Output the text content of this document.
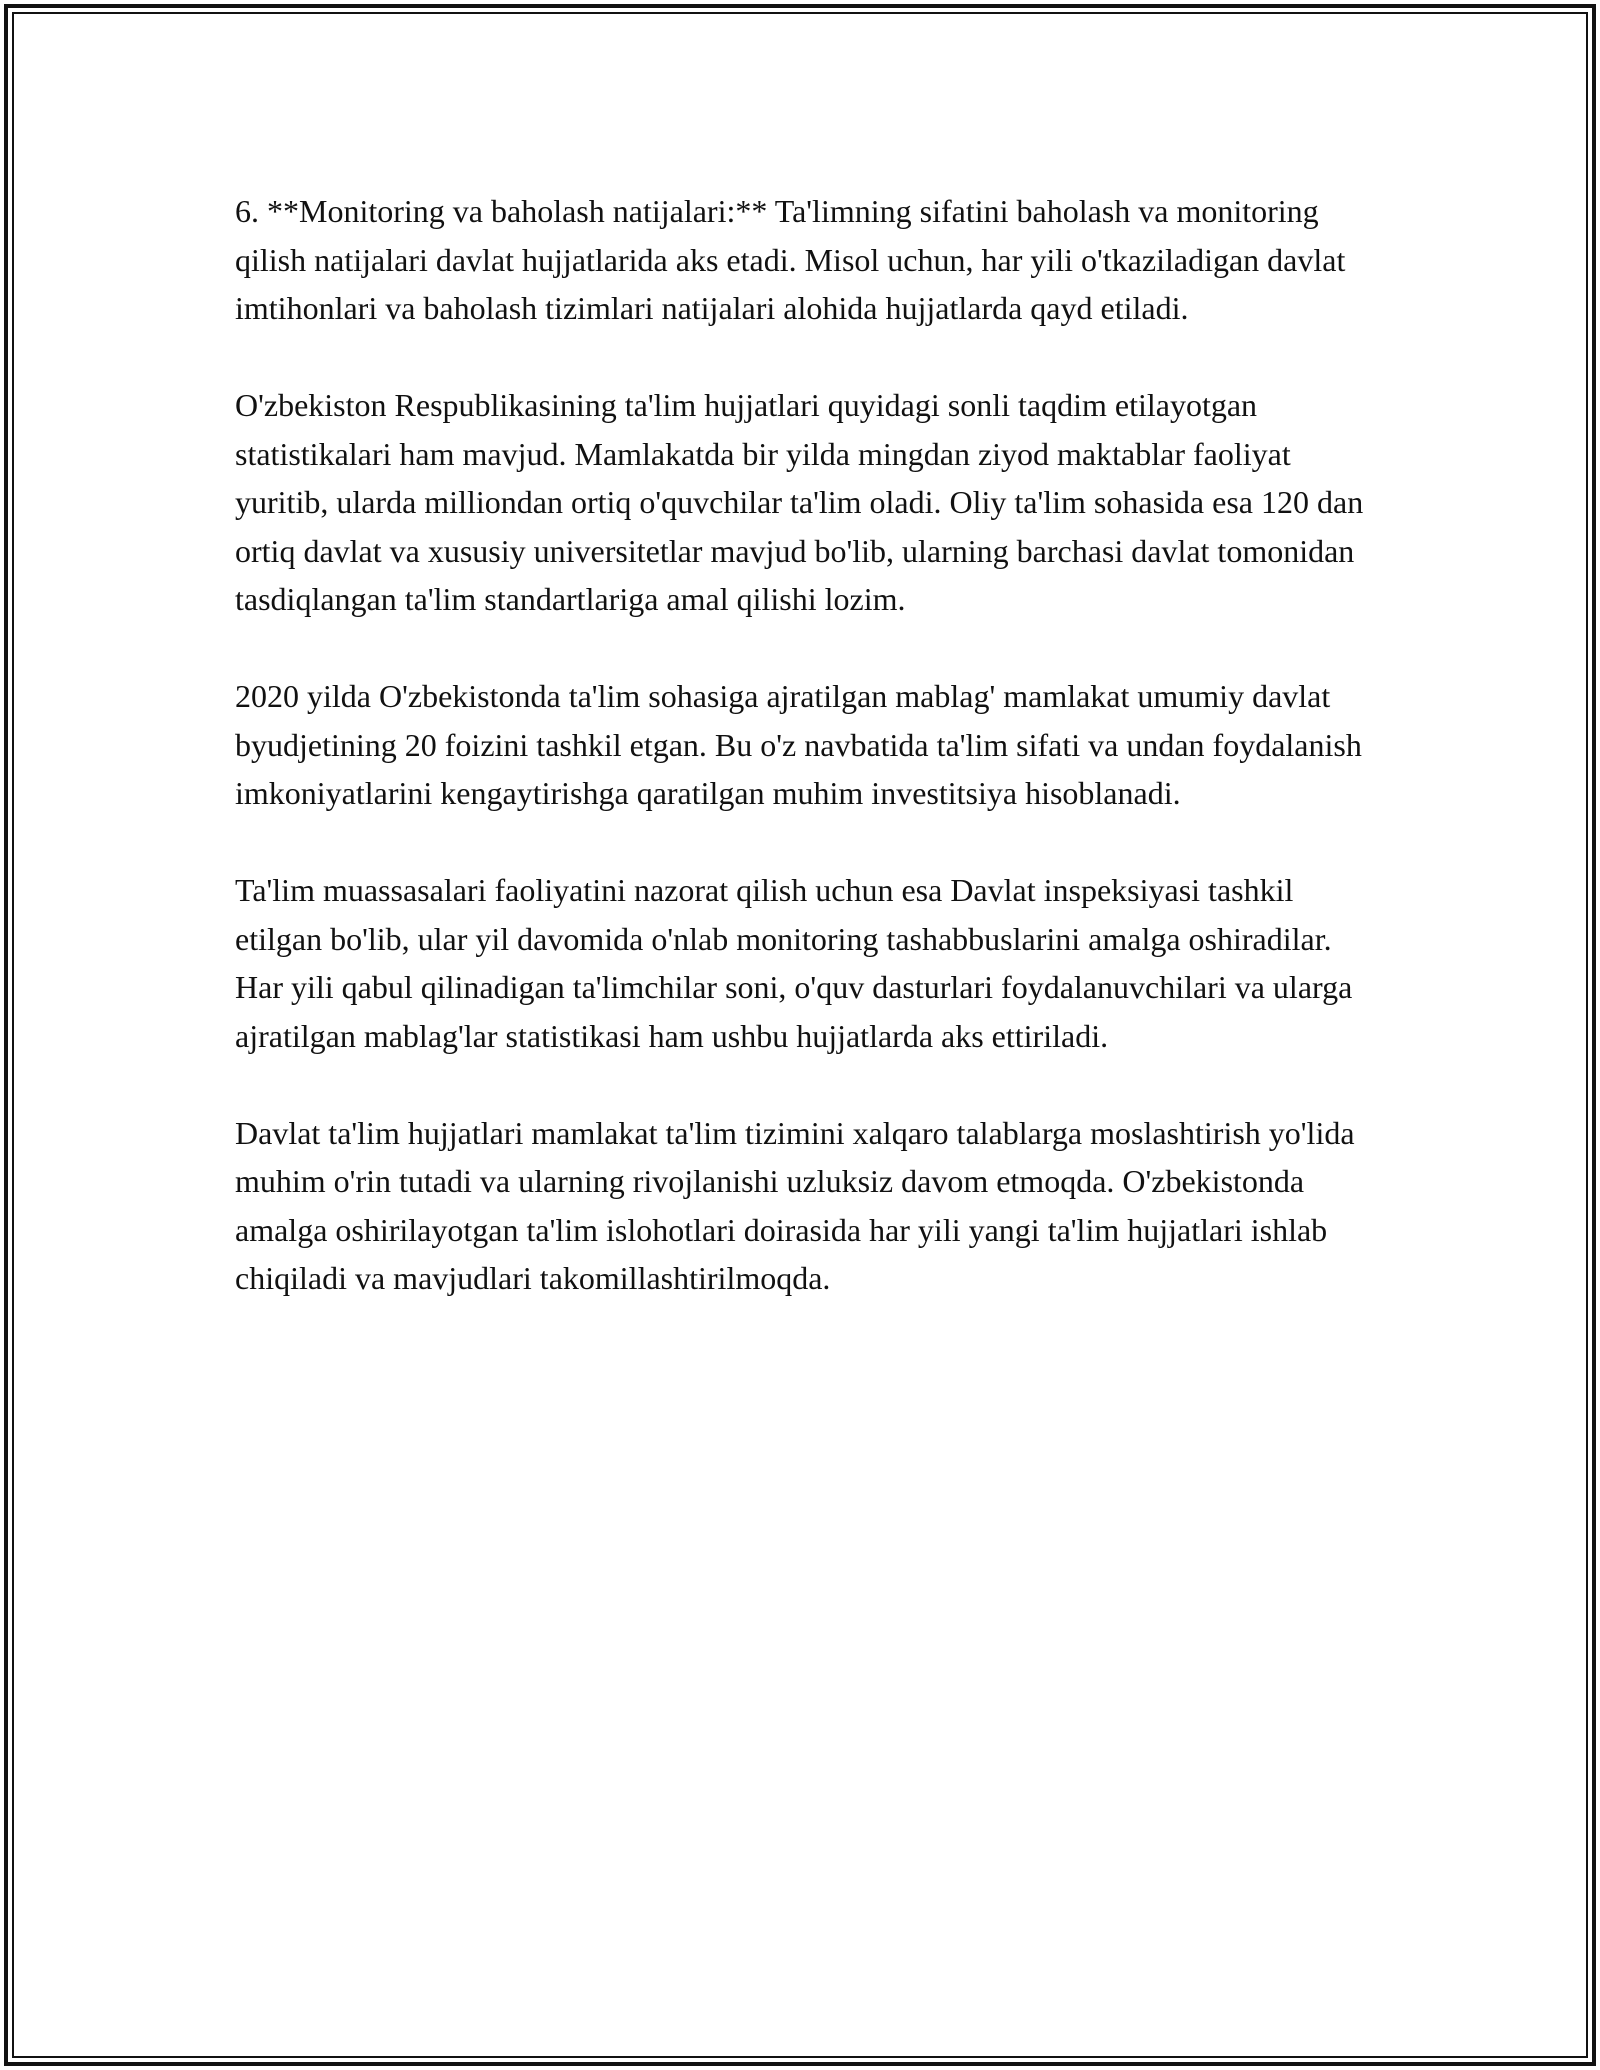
6. **Monitoring va baholash natijalari:** Ta'limning sifatini baholash va monitoring qilish natijalari davlat hujjatlarida aks etadi. Misol uchun, har yili o'tkaziladigan davlat imtihonlari va baholash tizimlari natijalari alohida hujjatlarda qayd etiladi.

O'zbekiston Respublikasining ta'lim hujjatlari quyidagi sonli taqdim etilayotgan statistikalari ham mavjud. Mamlakatda bir yilda mingdan ziyod maktablar faoliyat yuritib, ularda milliondan ortiq o'quvchilar ta'lim oladi. Oliy ta'lim sohasida esa 120 dan ortiq davlat va xususiy universitetlar mavjud bo'lib, ularning barchasi davlat tomonidan tasdiqlangan ta'lim standartlariga amal qilishi lozim.

2020 yilda O'zbekistonda ta'lim sohasiga ajratilgan mablag' mamlakat umumiy davlat byudjetining 20 foizini tashkil etgan. Bu o'z navbatida ta'lim sifati va undan foydalanish imkoniyatlarini kengaytirishga qaratilgan muhim investitsiya hisoblanadi.

Ta'lim muassasalari faoliyatini nazorat qilish uchun esa Davlat inspeksiyasi tashkil etilgan bo'lib, ular yil davomida o'nlab monitoring tashabbuslarini amalga oshiradilar. Har yili qabul qilinadigan ta'limchilar soni, o'quv dasturlari foydalanuvchilari va ularga ajratilgan mablag'lar statistikasi ham ushbu hujjatlarda aks ettiriladi.

Davlat ta'lim hujjatlari mamlakat ta'lim tizimini xalqaro talablarga moslashtirish yo'lida muhim o'rin tutadi va ularning rivojlanishi uzluksiz davom etmoqda. O'zbekistonda amalga oshirilayotgan ta'lim islohotlari doirasida har yili yangi ta'lim hujjatlari ishlab chiqiladi va mavjudlari takomillashtirilmoqda.
